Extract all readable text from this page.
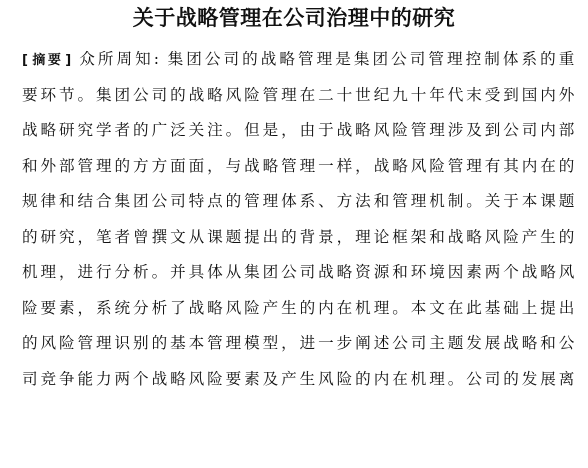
关于战略管理在公司治理中的研究
[ 摘要 ] 众所周知: 集团公司的战略管理是集团公司管理控制体系的重
要环节。集团公司的战略风险管理在二十世纪九十年代末受到国内外
战略研究学者的广泛关注。但是，由于战略风险管理涉及到公司内部
和外部管理的方方面面，与战略管理一样，战略风险管理有其内在的
规律和结合集团公司特点的管理体系、方法和管理机制。关于本课题
的研究，笔者曾撰文从课题提出的背景，理论框架和战略风险产生的
机理，进行分析。并具体从集团公司战略资源和环境因素两个战略风
险要素，系统分析了战略风险产生的内在机理。本文在此基础上提出
的风险管理识别的基本管理模型，进一步阐述公司主题发展战略和公
司竞争能力两个战略风险要素及产生风险的内在机理。公司的发展离
